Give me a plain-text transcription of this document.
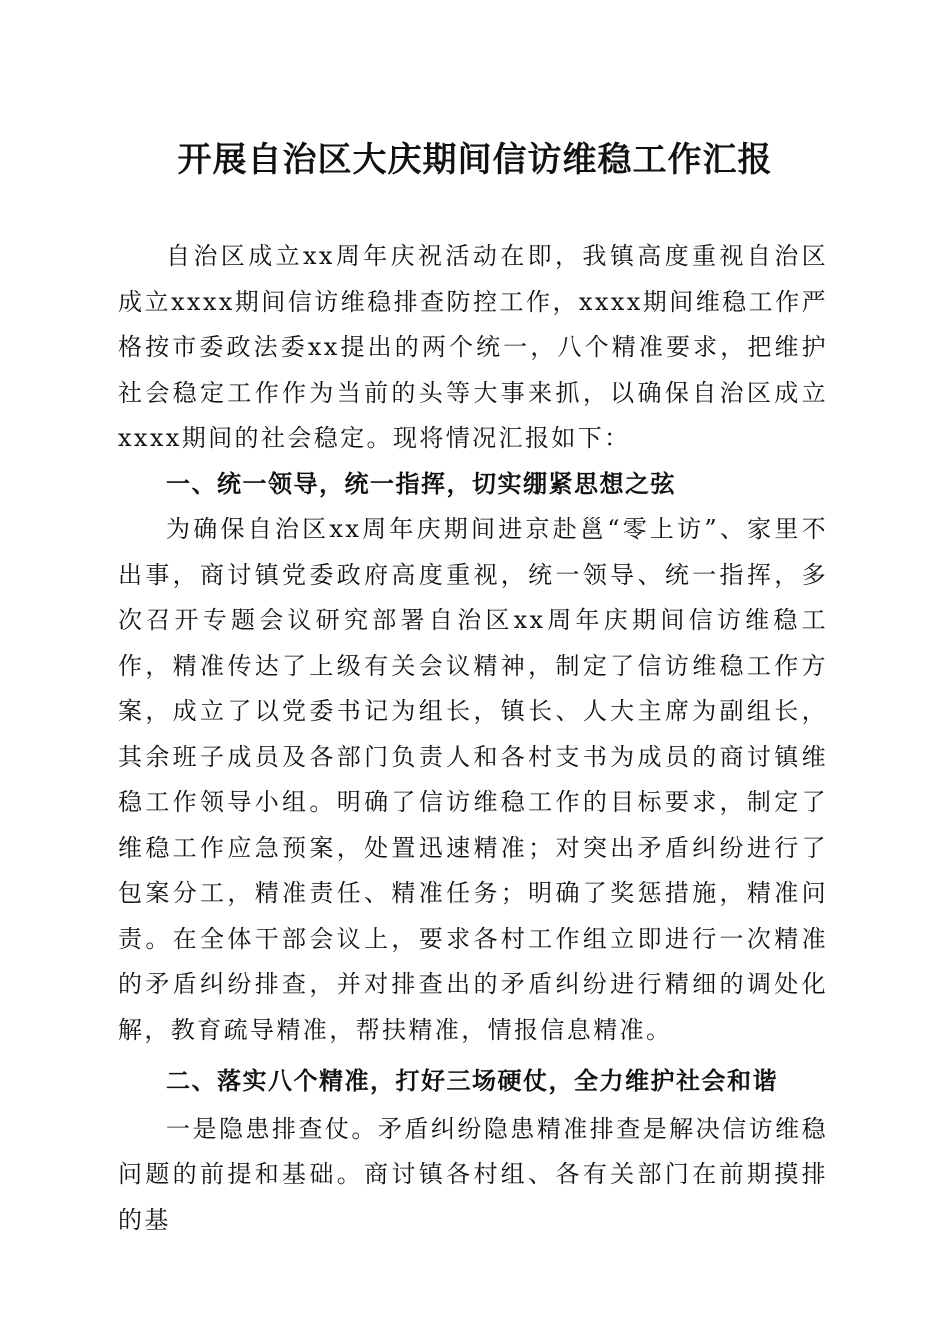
开展自治区大庆期间信访维稳工作汇报

自治区成立xx周年庆祝活动在即，我镇高度重视自治区成立xxxx期间信访维稳排查防控工作，xxxx期间维稳工作严格按市委政法委xx提出的两个统一，八个精准要求，把维护社会稳定工作作为当前的头等大事来抓，以确保自治区成立xxxx期间的社会稳定。现将情况汇报如下：

一、统一领导，统一指挥，切实绷紧思想之弦

为确保自治区xx周年庆期间进京赴邕“零上访”、家里不出事，商讨镇党委政府高度重视，统一领导、统一指挥，多次召开专题会议研究部署自治区xx周年庆期间信访维稳工作，精准传达了上级有关会议精神，制定了信访维稳工作方案，成立了以党委书记为组长，镇长、人大主席为副组长，其余班子成员及各部门负责人和各村支书为成员的商讨镇维稳工作领导小组。明确了信访维稳工作的目标要求，制定了维稳工作应急预案，处置迅速精准；对突出矛盾纠纷进行了包案分工，精准责任、精准任务；明确了奖惩措施，精准问责。在全体干部会议上，要求各村工作组立即进行一次精准的矛盾纠纷排查，并对排查出的矛盾纠纷进行精细的调处化解，教育疏导精准，帮扶精准，情报信息精准。

二、落实八个精准，打好三场硬仗，全力维护社会和谐

一是隐患排查仗。矛盾纠纷隐患精准排查是解决信访维稳问题的前提和基础。商讨镇各村组、各有关部门在前期摸排的基
